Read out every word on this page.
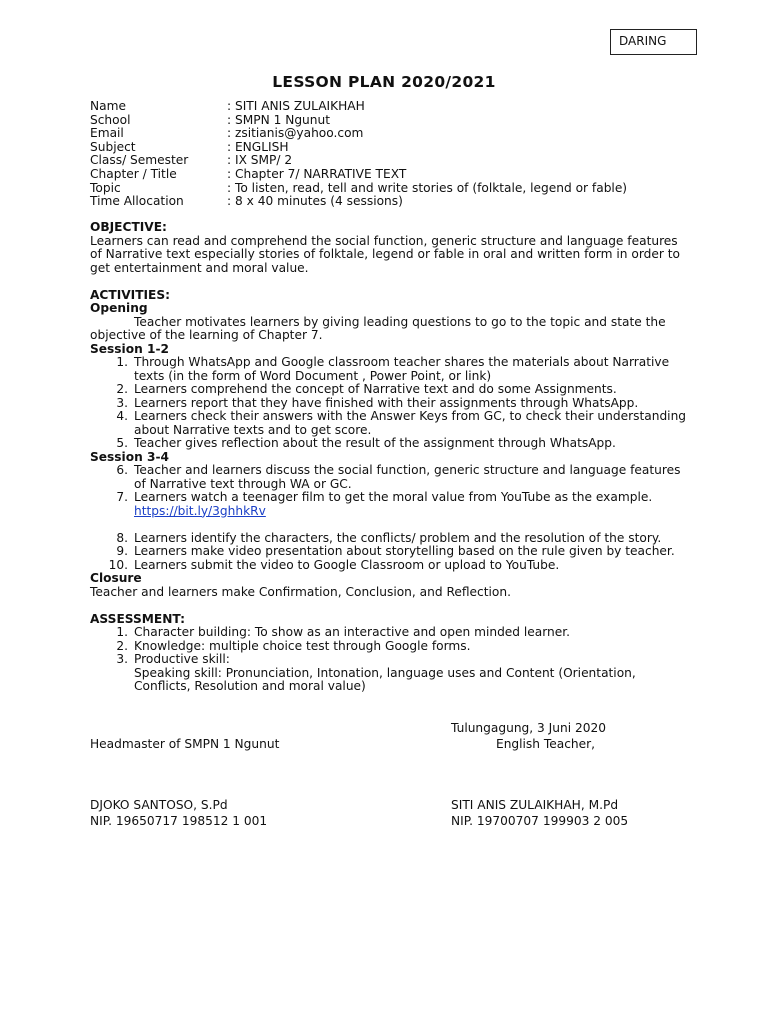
DARING
LESSON PLAN 2020/2021
Name	: SITI ANIS ZULAIKHAH
School	: SMPN 1 Ngunut
Email	: zsitianis@yahoo.com
Subject	: ENGLISH
Class/ Semester	: IX SMP/ 2
Chapter / Title	: Chapter 7/ NARRATIVE TEXT
Topic	: To listen, read, tell and write stories of (folktale, legend or fable)
Time Allocation	: 8 x 40 minutes (4 sessions)
OBJECTIVE:
Learners can read and comprehend the social function, generic structure and language features of Narrative text especially stories of folktale, legend or fable in oral and written form in order to get entertainment and moral value.
ACTIVITIES:
Opening
Teacher motivates learners by giving leading questions to go to the topic and state the objective of the learning of Chapter 7.
Session 1-2
1. Through WhatsApp and Google classroom teacher shares the materials about Narrative texts (in the form of Word Document , Power Point, or link)
2. Learners comprehend the concept of Narrative text and do some Assignments.
3. Learners report that they have finished with their assignments through WhatsApp.
4. Learners check their answers with the Answer Keys from GC, to check their understanding about Narrative texts and to get score.
5. Teacher gives reflection about the result of the assignment through WhatsApp.
Session 3-4
6. Teacher and learners discuss the social function, generic structure and language features of Narrative text through WA or GC.
7. Learners watch a teenager film to get the moral value from YouTube as the example.
https://bit.ly/3ghhkRv
8. Learners identify the characters, the conflicts/ problem and the resolution of the story.
9. Learners make video presentation about storytelling based on the rule given by teacher.
10. Learners submit the video to Google Classroom or upload to YouTube.
Closure
Teacher and learners make Confirmation, Conclusion, and Reflection.
ASSESSMENT:
1. Character building: To show as an interactive and open minded learner.
2. Knowledge: multiple choice test through Google forms.
3. Productive skill:
Speaking skill: Pronunciation, Intonation, language uses and Content (Orientation, Conflicts, Resolution and moral value)
Tulungagung, 3 Juni 2020
Headmaster of SMPN 1 Ngunut	English Teacher,
DJOKO SANTOSO, S.Pd
NIP. 19650717 198512 1 001
SITI ANIS ZULAIKHAH, M.Pd
NIP. 19700707 199903 2 005
